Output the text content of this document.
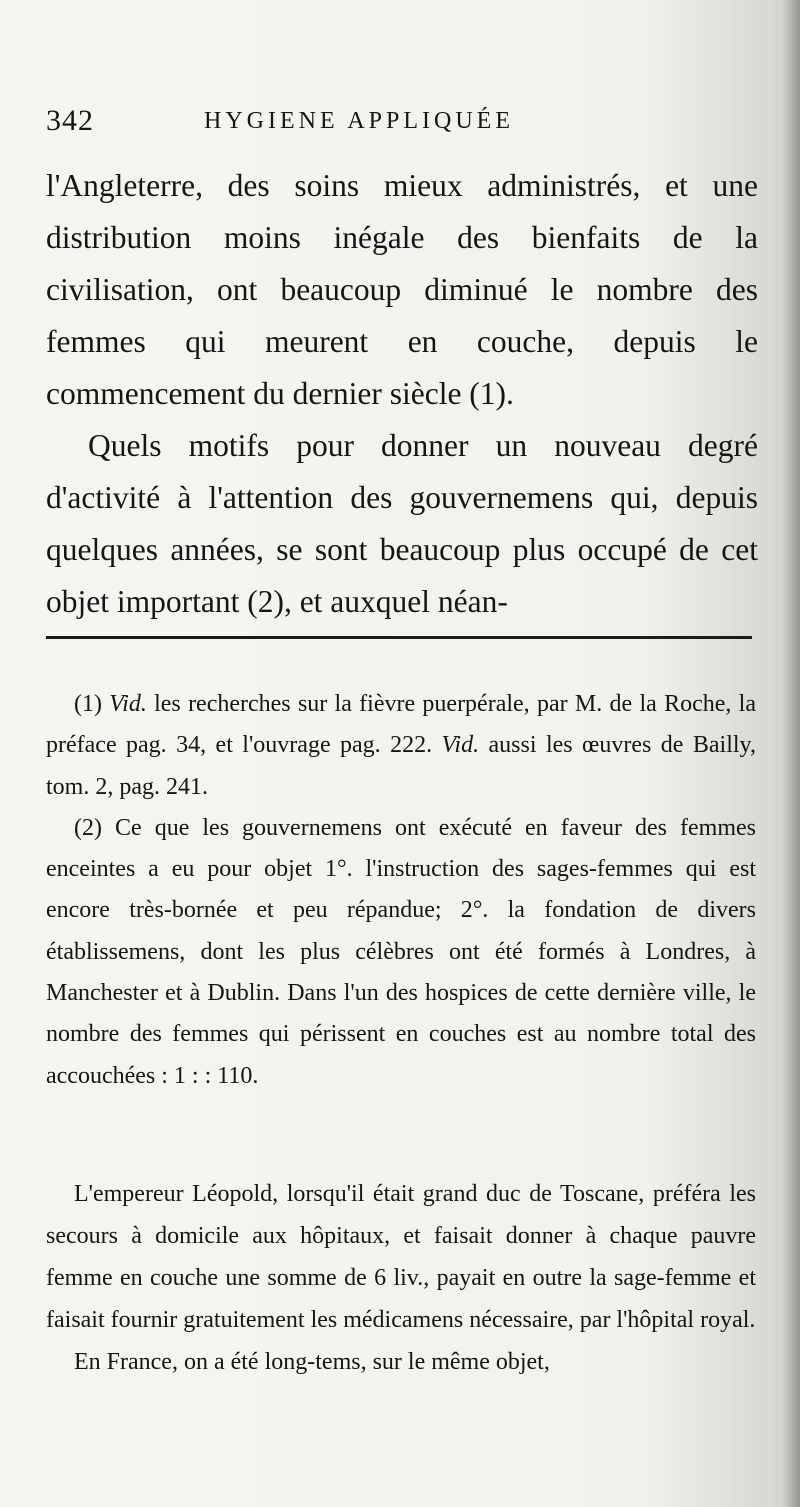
342	HYGIENE APPLIQUÉE

l'Angleterre, des soins mieux administrés, et une distribution moins inégale des bienfaits de la civilisation, ont beaucoup diminué le nombre des femmes qui meurent en couche, depuis le commencement du dernier siècle (1).

Quels motifs pour donner un nouveau degré d'activité à l'attention des gouvernemens qui, depuis quelques années, se sont beaucoup plus occupé de cet objet important (2), et auxquel néan-

(1) Vid. les recherches sur la fièvre puerpérale, par M. de la Roche, la préface pag. 34, et l'ouvrage pag. 222. Vid. aussi les œuvres de Bailly, tom. 2, pag. 241.

(2) Ce que les gouvernemens ont exécuté en faveur des femmes enceintes a eu pour objet 1°. l'instruction des sages-femmes qui est encore très-bornée et peu répandue; 2°. la fondation de divers établissemens, dont les plus célèbres ont été formés à Londres, à Manchester et à Dublin. Dans l'un des hospices de cette dernière ville, le nombre des femmes qui périssent en couches est au nombre total des accouchées : 1 : : 110.

L'empereur Léopold, lorsqu'il était grand duc de Toscane, préféra les secours à domicile aux hôpitaux, et faisait donner à chaque pauvre femme en couche une somme de 6 liv., payait en outre la sage-femme et faisait fournir gratuitement les médicamens nécessaire, par l'hôpital royal.

En France, on a été long-tems, sur le même objet,
